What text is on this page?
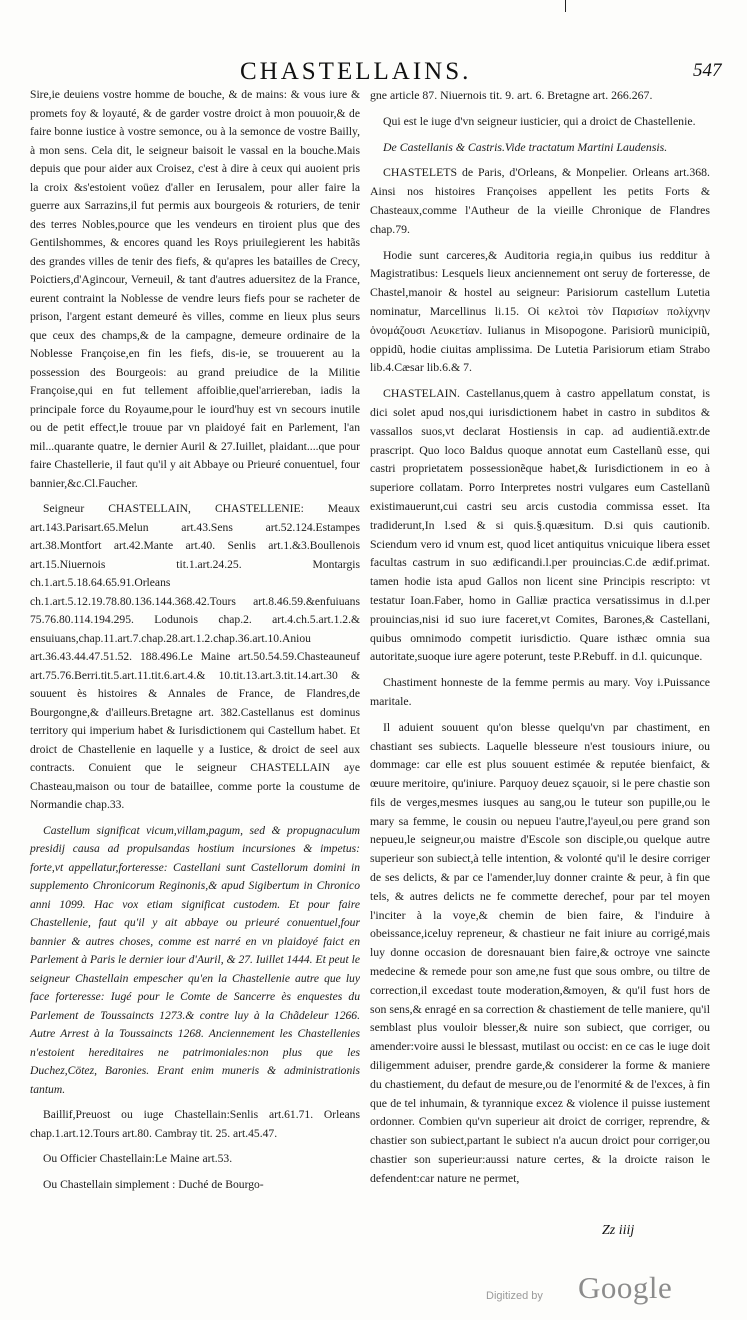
CHASTELLAINS.	547

Sire,ie deuiens vostre homme de bouche, & de mains: & vous iure & promets foy & loyauté, & de garder vostre droict à mon pouuoir,& de faire bonne iustice à vostre semonce, ou à la semonce de vostre Bailly, à mon sens. Cela dit, le seigneur baisoit le vassal en la bouche.Mais depuis que pour aider aux Croisez, c'est à dire à ceux qui auoient pris la croix &s'estoient voüez d'aller en Ierusalem, pour aller faire la guerre aux Sarrazins,il fut permis aux bourgeois & roturiers, de tenir des terres Nobles,pource que les vendeurs en tiroient plus que des Gentilshommes, & encores quand les Roys priuilegierent les habitãs des grandes villes de tenir des fiefs, & qu'apres les batailles de Crecy, Poictiers,d'Agincour, Verneuil, & tant d'autres aduersitez de la France, eurent contraint la Noblesse de vendre leurs fiefs pour se racheter de prison, l'argent estant demeuré ès villes, comme en lieux plus seurs que ceux des champs,& de la campagne, demeure ordinaire de la Noblesse Françoise,en fin les fiefs, dis-ie, se trouuerent au la possession des Bourgeois: au grand preiudice de la Militie Françoise,qui en fut tellement affoiblie,quel'arriereban, iadis la principale force du Royaume,pour le iourd'huy est vn secours inutile ou de petit effect,le trouue par vn plaidoyé fait en Parlement, l'an mil...quarante quatre, le dernier Auril & 27.Iuillet, plaidant....que pour faire Chastellerie, il faut qu'il y ait Abbaye ou Prieuré conuentuel, four bannier,&c.Cl.Faucher.

Seigneur CHASTELLAIN, CHASTELLENIE: Meaux art.143.Parisart.65.Melun art.43.Sens art.52.124.Estampes art.38.Montfort art.42.Mante art.40. Senlis art.1.&3.Boullenois art.15.Niuernois tit.1.art.24.25. Montargis ch.1.art.5.18.64.65.91.Orleans ch.1.art.5.12.19.78.80.136.144.368.42.Tours art.8.46.59.&enfuiuans 75.76.80.114.194.295. Lodunois chap.2. art.4.ch.5.art.1.2.& ensuiuans,chap.11.art.7.chap.28.art.1.2.chap.36.art.10.Aniou art.36.43.44.47.51.52. 188.496.Le Maine art.50.54.59.Chasteauneuf art.75.76.Berri.tit.5.art.11.tit.6.art.4.& 10.tit.13.art.3.tit.14.art.30 & souuent ès histoires & Annales de France, de Flandres,de Bourgongne,& d'ailleurs.Bretagne art. 382.Castellanus est dominus territory qui imperium habet & Iurisdictionem qui Castellum habet. Et droict de Chastellenie en laquelle y a Iustice, & droict de seel aux contracts. Conuient que le seigneur CHASTELLAIN aye Chasteau,maison ou tour de bataillee, comme porte la coustume de Normandie chap.33.

Castellum significat vicum,villam,pagum, sed & propugnaculum presidij causa ad propulsandas hostium incursiones & impetus: forte,vt appellatur,forteresse: Castellani sunt Castellorum domini in supplemento Chronicorum Reginonis,& apud Sigibertum in Chronico anni 1099. Hac vox etiam significat custodem. Et pour faire Chastellenie, faut qu'il y ait abbaye ou prieuré conuentuel,four bannier & autres choses, comme est narré en vn plaidoyé faict en Parlement à Paris le dernier iour d'Auril, & 27. Iuillet 1444. Et peut le seigneur Chastellain empescher qu'en la Chastellenie autre que luy face forteresse: Iugé pour le Comte de Sancerre ès enquestes du Parlement de Toussaincts 1273.& contre luy à la Chãdeleur 1266. Autre Arrest à la Toussaincts 1268. Anciennement les Chastellenies n'estoient hereditaires ne patrimoniales:non plus que les Duchez,Cötez, Baronies. Erant enim muneris & administrationis tantum.

Baillif,Preuost ou iuge Chastellain:Senlis art.61.71. Orleans chap.1.art.12.Tours art.80. Cambray tit. 25. art.45.47.

Ou Officier Chastellain:Le Maine art.53.

Ou Chastellain simplement : Duché de Bourgo-

gne article 87. Niuernois tit. 9. art. 6. Bretagne art. 266.267.

Qui est le iuge d'vn seigneur iusticier, qui a droict de Chastellenie.

De Castellanis & Castris.Vide tractatum Martini Laudensis.

CHASTELETS de Paris, d'Orleans, & Monpelier. Orleans art.368. Ainsi nos histoires Françoises appellent les petits Forts & Chasteaux,comme l'Autheur de la vieille Chronique de Flandres chap.79.

Hodie sunt carceres,& Auditoria regia,in quibus ius redditur à Magistratibus: Lesquels lieux anciennement ont seruy de forteresse, de Chastel,manoir & hostel au seigneur: Parisiorum castellum Lutetia nominatur, Marcellinus li.15. Οἱ κελτοὶ τὸν Παρισίων πολίχνην ὀνομάζουσι Λευκετίαν. Iulianus in Misopogone. Parisiorũ municipiũ, oppidũ, hodie ciuitas amplissima. De Lutetia Parisiorum etiam Strabo lib.4.Cæsar lib.6.& 7.

CHASTELAIN. Castellanus,quem à castro appellatum constat, is dici solet apud nos,qui iurisdictionem habet in castro in subditos & vassallos suos,vt declarat Hostiensis in cap. ad audientiã.extr.de prascript. Quo loco Baldus quoque annotat eum Castellanũ esse, qui castri proprietatem possessionẽque habet,& Iurisdictionem in eo à superiore collatam. Porro Interpretes nostri vulgares eum Castellanũ existimauerunt,cui castri seu arcis custodia commissa esset. Ita tradiderunt,In l.sed & si quis.§.quæsitum. D.si quis cautionib. Sciendum vero id vnum est, quod licet antiquitus vnicuique libera esset facultas castrum in suo ædificandi.l.per prouincias.C.de ædif.primat. tamen hodie ista apud Gallos non licent sine Principis rescripto: vt testatur Ioan.Faber, homo in Galliæ practica versatissimus in d.l.per prouincias,nisi id suo iure faceret,vt Comites, Barones,& Castellani, quibus omnimodo competit iurisdictio. Quare isthæc omnia sua autoritate,suoque iure agere poterunt, teste P.Rebuff. in d.l. quicunque.

Chastiment honneste de la femme permis au mary. Voy i.Puissance maritale.

Il aduient souuent qu'on blesse quelqu'vn par chastiment, en chastiant ses subiects. Laquelle blesseure n'est tousiours iniure, ou dommage: car elle est plus souuent estimée & reputée bienfaict, & œuure meritoire, qu'iniure. Parquoy deuez sçauoir, si le pere chastie son fils de verges,mesmes iusques au sang,ou le tuteur son pupille,ou le mary sa femme, le cousin ou nepueu l'autre,l'ayeul,ou pere grand son nepueu,le seigneur,ou maistre d'Escole son disciple,ou quelque autre superieur son subiect,à telle intention, & volonté qu'il le desire corriger de ses delicts, & par ce l'amender,luy donner crainte & peur, à fin que tels, & autres delicts ne fe commette derechef, pour par tel moyen l'inciter à la voye,& chemin de bien faire, & l'induire à obeissance,iceluy repreneur, & chastieur ne fait iniure au corrigé,mais luy donne occasion de doresnauant bien faire,& octroye vne saincte medecine & remede pour son ame,ne fust que sous ombre, ou tiltre de correction,il excedast toute moderation,&moyen, & qu'il fust hors de son sens,& enragé en sa correction & chastiement de telle maniere, qu'il semblast plus vouloir blesser,& nuire son subiect, que corriger, ou amender:voire aussi le blessast, mutilast ou occist: en ce cas le iuge doit diligemment aduiser, prendre garde,& considerer la forme & maniere du chastiement, du defaut de mesure,ou de l'enormité & de l'exces, à fin que de tel inhumain, & tyrannique excez & violence il puisse iustement ordonner. Combien qu'vn superieur ait droict de corriger, reprendre, & chastier son subiect,partant le subiect n'a aucun droict pour corriger,ou chastier son superieur:aussi nature certes, & la droicte raison le defendent:car nature ne permet,

Zz iiij
Digitized by Google
